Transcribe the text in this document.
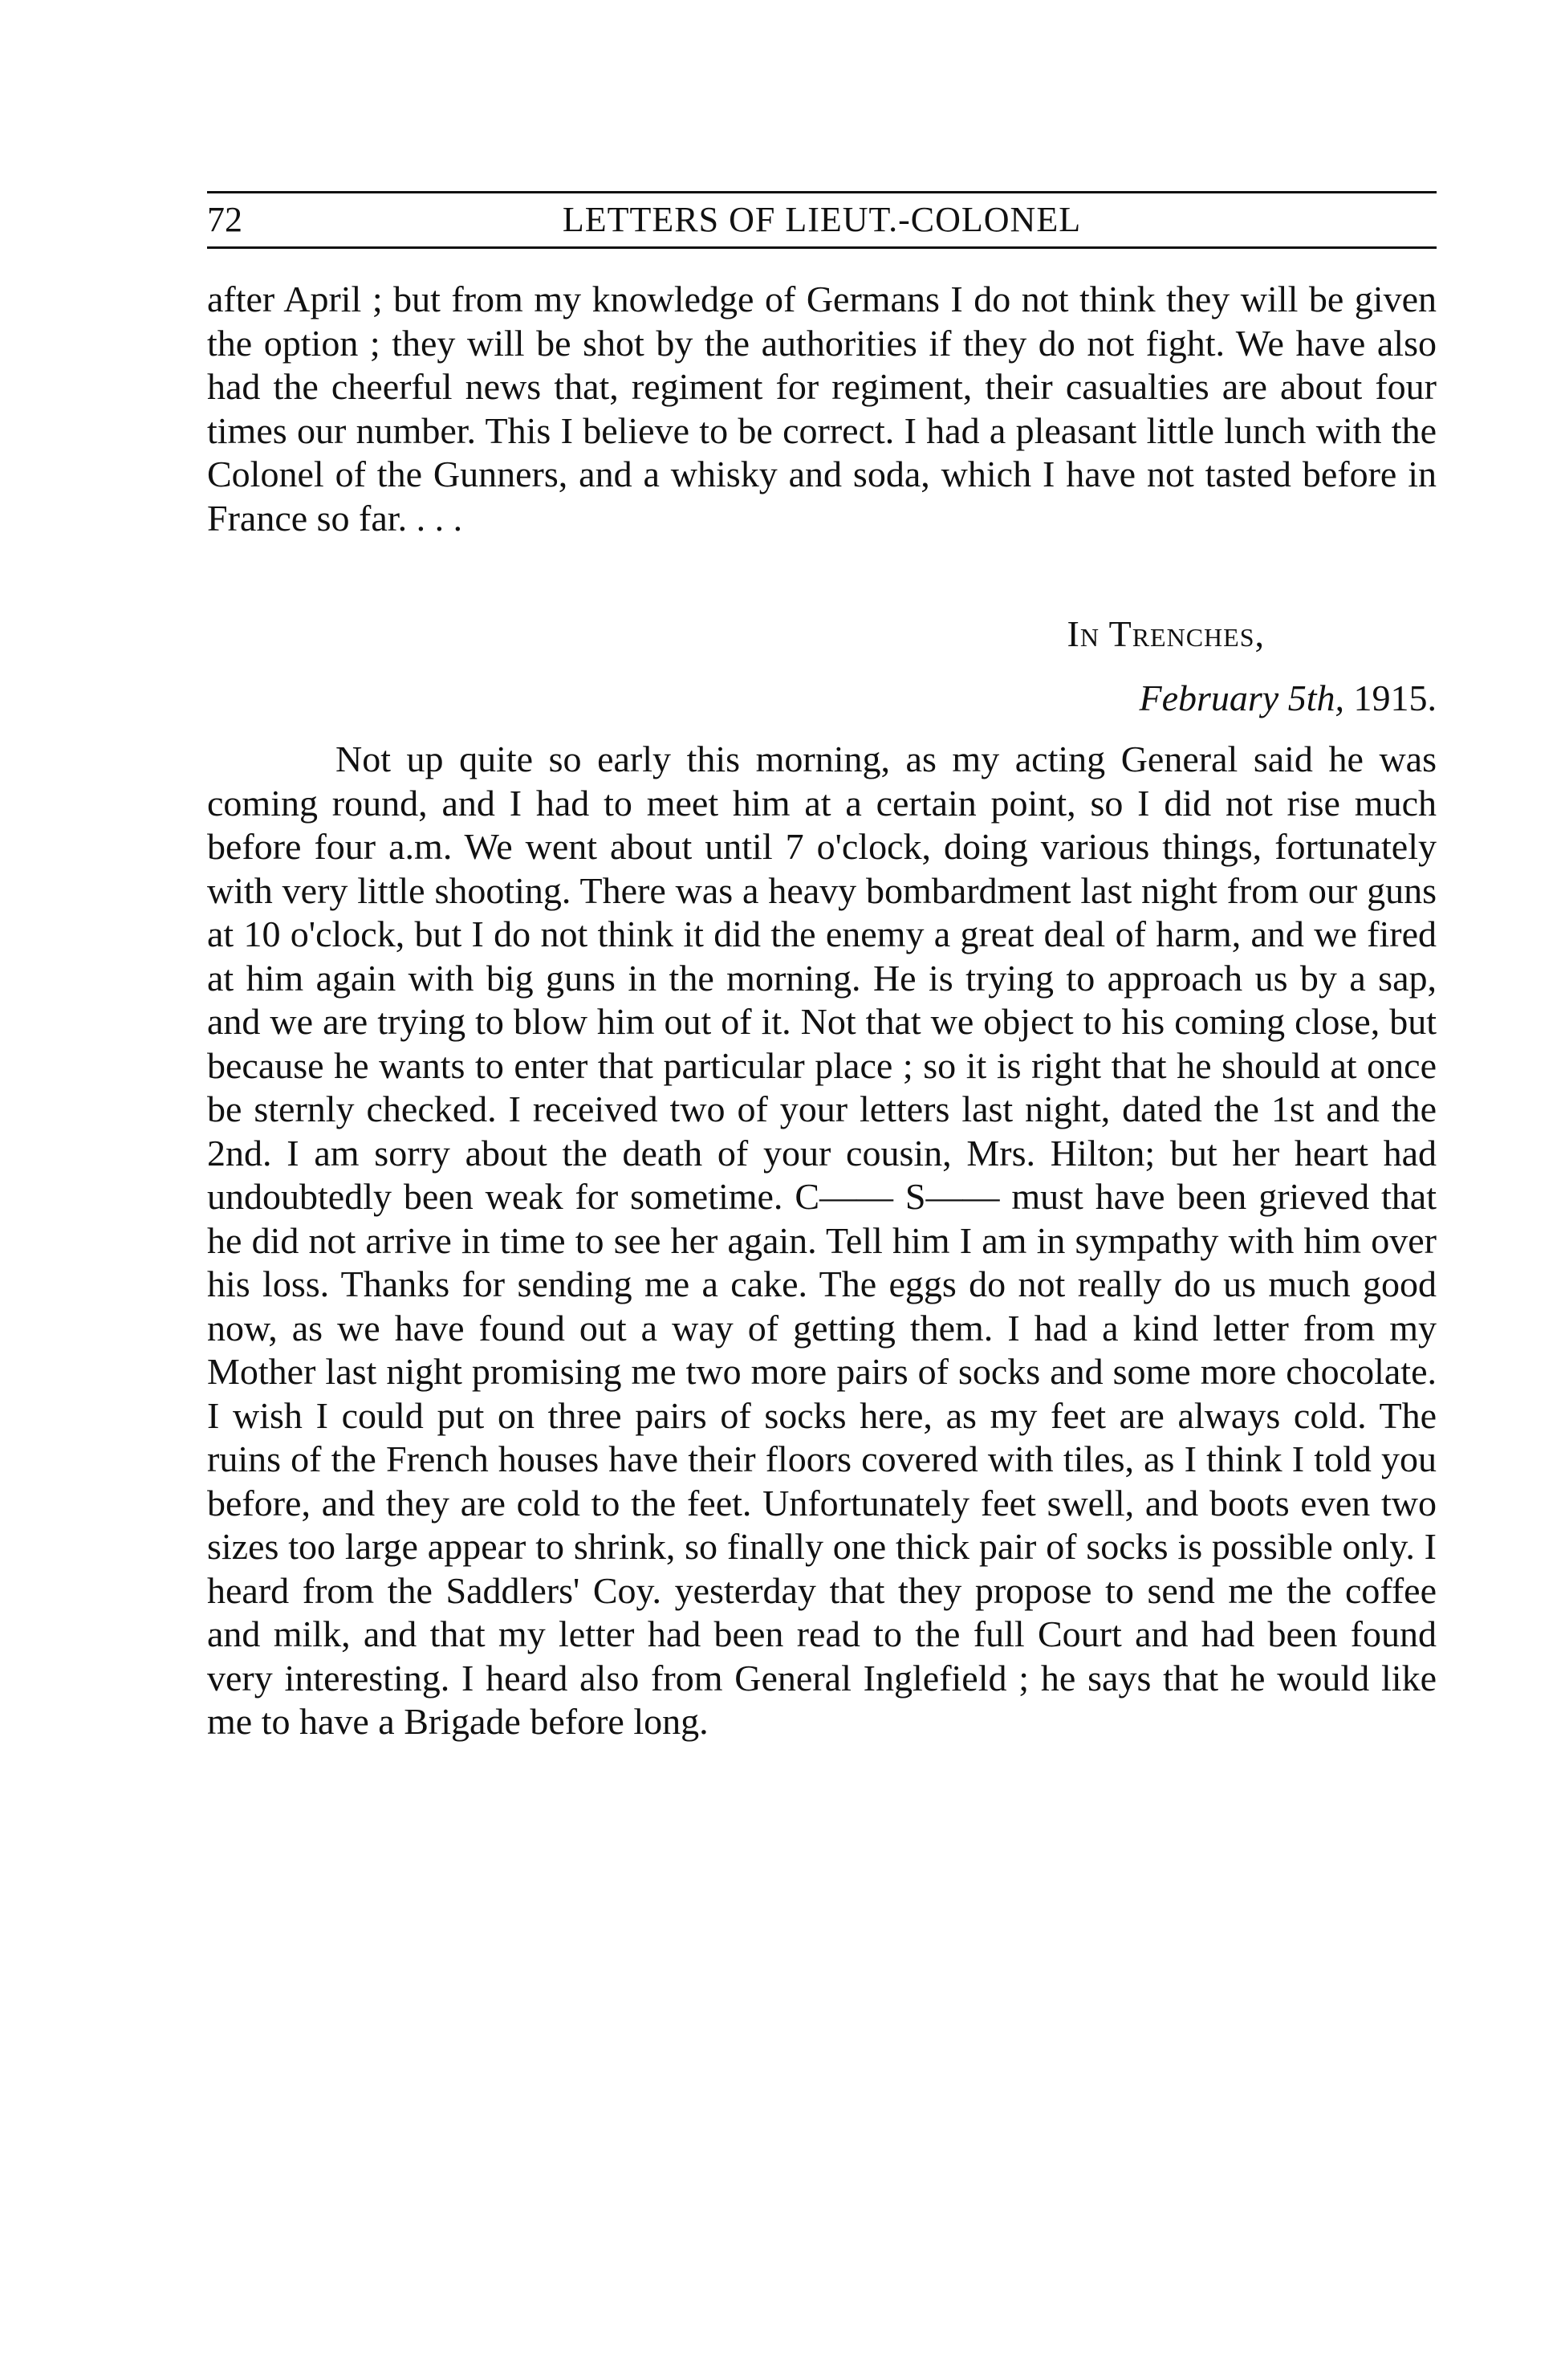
72	LETTERS OF LIEUT.-COLONEL

after April ; but from my knowledge of Germans I do not think they will be given the option ; they will be shot by the authorities if they do not fight. We have also had the cheerful news that, regiment for regiment, their casualties are about four times our number. This I believe to be correct. I had a pleasant little lunch with the Colonel of the Gunners, and a whisky and soda, which I have not tasted before in France so far. . . .

In Trenches,
February 5th, 1915.

Not up quite so early this morning, as my acting General said he was coming round, and I had to meet him at a certain point, so I did not rise much before four a.m. We went about until 7 o'clock, doing various things, fortunately with very little shooting. There was a heavy bombardment last night from our guns at 10 o'clock, but I do not think it did the enemy a great deal of harm, and we fired at him again with big guns in the morning. He is trying to approach us by a sap, and we are trying to blow him out of it. Not that we object to his coming close, but because he wants to enter that particular place ; so it is right that he should at once be sternly checked. I received two of your letters last night, dated the 1st and the 2nd. I am sorry about the death of your cousin, Mrs. Hilton; but her heart had undoubtedly been weak for sometime. C—— S—— must have been grieved that he did not arrive in time to see her again. Tell him I am in sympathy with him over his loss. Thanks for sending me a cake. The eggs do not really do us much good now, as we have found out a way of getting them. I had a kind letter from my Mother last night promising me two more pairs of socks and some more chocolate. I wish I could put on three pairs of socks here, as my feet are always cold. The ruins of the French houses have their floors covered with tiles, as I think I told you before, and they are cold to the feet. Unfortunately feet swell, and boots even two sizes too large appear to shrink, so finally one thick pair of socks is possible only. I heard from the Saddlers' Coy. yesterday that they propose to send me the coffee and milk, and that my letter had been read to the full Court and had been found very interesting. I heard also from General Inglefield ; he says that he would like me to have a Brigade before long.
